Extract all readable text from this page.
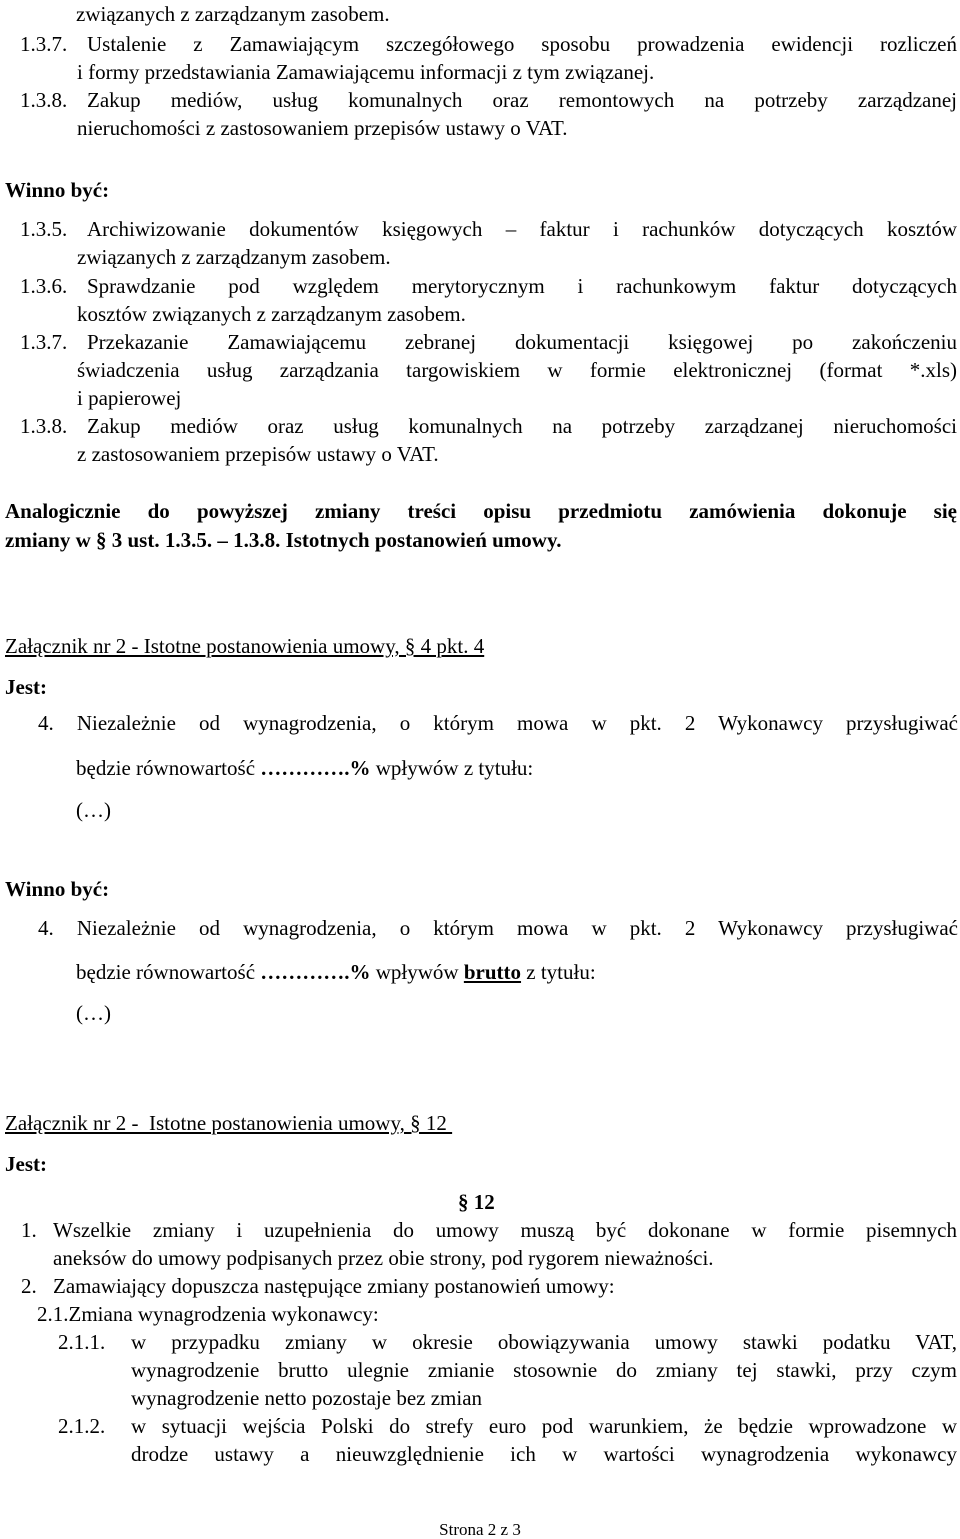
związanych z zarządzanym zasobem.
1.3.7. Ustalenie z Zamawiającym szczegółowego sposobu prowadzenia ewidencji rozliczeń
i formy przedstawiania Zamawiającemu informacji z tym związanej.
1.3.8. Zakup mediów, usług komunalnych oraz remontowych na potrzeby zarządzanej
nieruchomości z zastosowaniem przepisów ustawy o VAT.
Winno być:
1.3.5. Archiwizowanie dokumentów księgowych – faktur i rachunków dotyczących kosztów
związanych z zarządzanym zasobem.
1.3.6. Sprawdzanie pod względem merytorycznym i rachunkowym faktur dotyczących
kosztów związanych z zarządzanym zasobem.
1.3.7. Przekazanie Zamawiającemu zebranej dokumentacji księgowej po zakończeniu
świadczenia usług zarządzania targowiskiem w formie elektronicznej (format *.xls)
i papierowej
1.3.8. Zakup mediów oraz usług komunalnych na potrzeby zarządzanej nieruchomości
z zastosowaniem przepisów ustawy o VAT.
Analogicznie do powyższej zmiany treści opisu przedmiotu zamówienia dokonuje się
zmiany w § 3 ust. 1.3.5. – 1.3.8. Istotnych postanowień umowy.
Załącznik nr 2 - Istotne postanowienia umowy, § 4 pkt. 4
Jest:
4. Niezależnie od wynagrodzenia, o którym mowa w pkt. 2 Wykonawcy przysługiwać
będzie równowartość ………….% wpływów z tytułu:
(…)
Winno być:
4. Niezależnie od wynagrodzenia, o którym mowa w pkt. 2 Wykonawcy przysługiwać
będzie równowartość ………….% wpływów brutto z tytułu:
(…)
Załącznik nr 2 -  Istotne postanowienia umowy, § 12
Jest:
§ 12
1. Wszelkie zmiany i uzupełnienia do umowy muszą być dokonane w formie pisemnych
aneksów do umowy podpisanych przez obie strony, pod rygorem nieważności.
2. Zamawiający dopuszcza następujące zmiany postanowień umowy:
2.1.Zmiana wynagrodzenia wykonawcy:
2.1.1. w przypadku zmiany w okresie obowiązywania umowy stawki podatku VAT,
wynagrodzenie brutto ulegnie zmianie stosownie do zmiany tej stawki, przy czym
wynagrodzenie netto pozostaje bez zmian
2.1.2. w sytuacji wejścia Polski do strefy euro pod warunkiem, że będzie wprowadzone w
drodze ustawy a nieuwzględnienie ich w wartości wynagrodzenia wykonawcy
Strona 2 z 3
